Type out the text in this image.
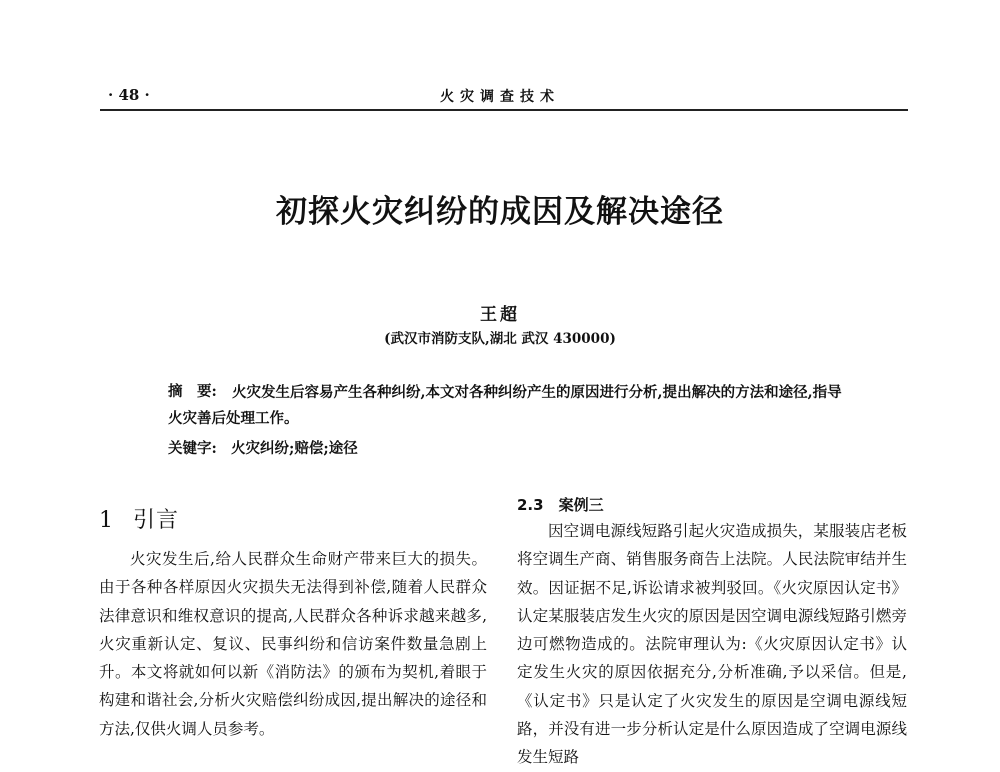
· 48 ·	火灾调查技术
初探火灾纠纷的成因及解决途径
王超
(武汉市消防支队,湖北 武汉 430000)
火灾发生后容易产生各种纠纷,本文对各种纠纷产生的原因进行分析,提出解决的方法和途径,指导火灾善后处理工作。
摘　要:
关键字: 火灾纠纷;赔偿;途径
1 引言

火灾发生后,给人民群众生命财产带来巨大的损失。由于各种各样原因火灾损失无法得到补偿,随着人民群众法律意识和维权意识的提高,人民群众各种诉求越来越多,火灾重新认定、复议、民事纠纷和信访案件数量急剧上升。本文将就如何以新《消防法》的颁布为契机,着眼于构建和谐社会,分析火灾赔偿纠纷成因,提出解决的途径和方法,仅供火调人员参考。

2.3　案例三

因空调电源线短路引起火灾造成损失，某服装店老板将空调生产商、销售服务商告上法院。人民法院审结并生效。因证据不足,诉讼请求被判驳回。《火灾原因认定书》认定某服装店发生火灾的原因是因空调电源线短路引燃旁边可燃物造成的。法院审理认为:《火灾原因认定书》认定发生火灾的原因依据充分,分析准确,予以采信。但是,《认定书》只是认定了火灾发生的原因是空调电源线短路，并没有进一步分析认定是什么原因造成了空调电源线发生短路
